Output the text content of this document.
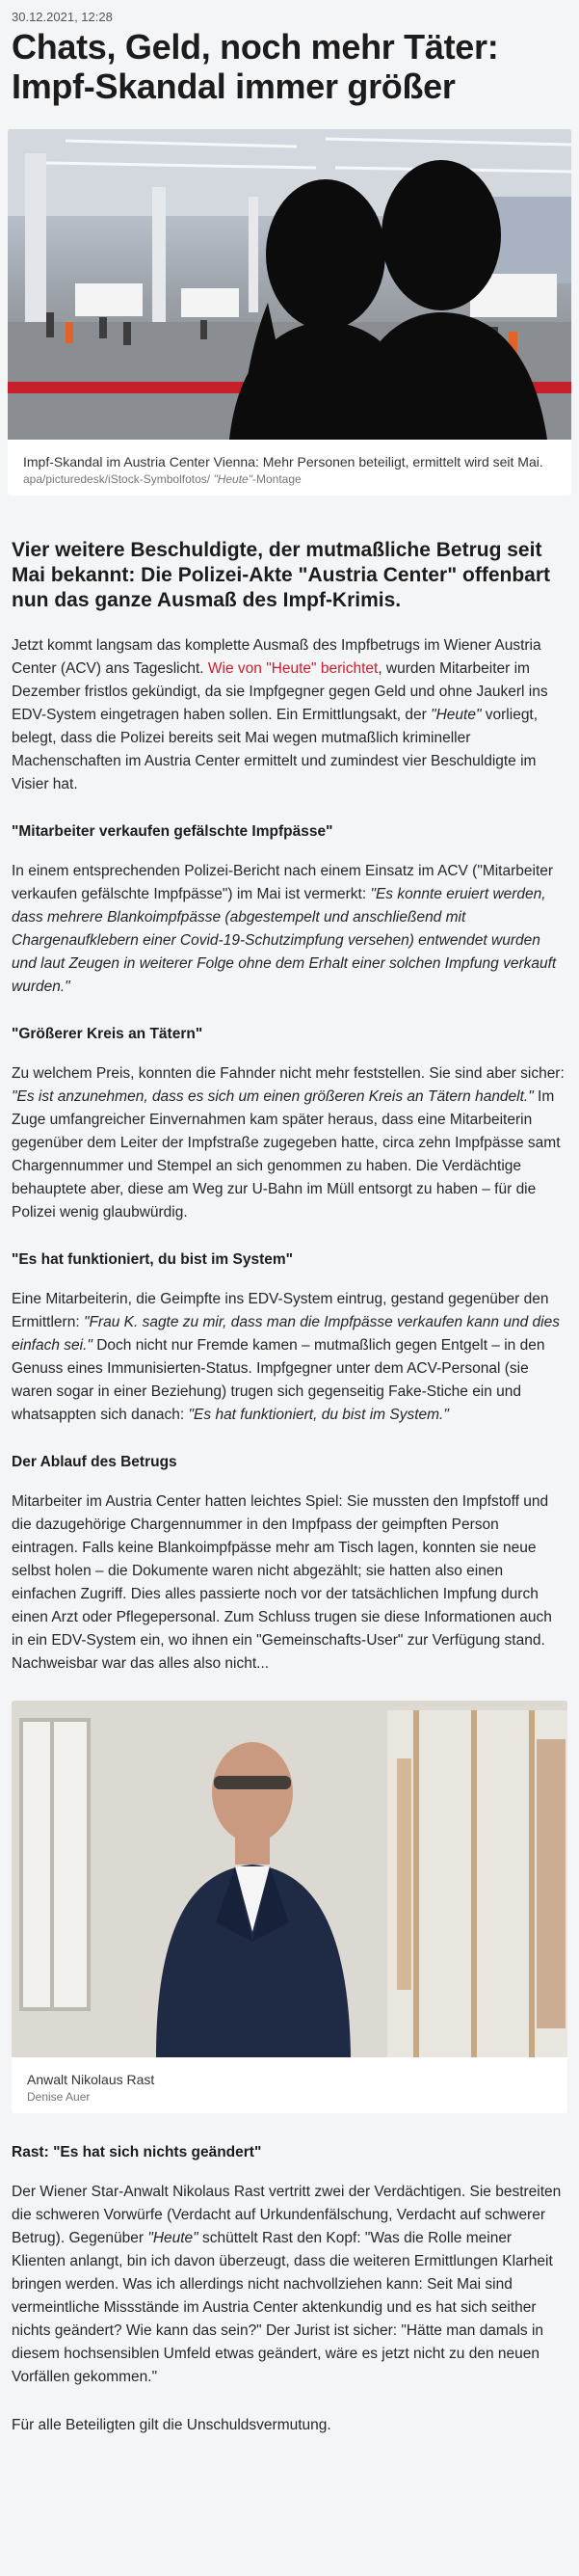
30.12.2021, 12:28
Chats, Geld, noch mehr Täter: Impf-Skandal immer größer
Impf-Skandal im Austria Center Vienna: Mehr Personen beteiligt, ermittelt wird seit Mai.
apa/picturedesk/iStock-Symbolfotos/ "Heute"-Montage
Vier weitere Beschuldigte, der mutmaßliche Betrug seit Mai bekannt: Die Polizei-Akte "Austria Center" offenbart nun das ganze Ausmaß des Impf-Krimis.

Jetzt kommt langsam das komplette Ausmaß des Impfbetrugs im Wiener Austria Center (ACV) ans Tageslicht. Wie von "Heute" berichtet, wurden Mitarbeiter im Dezember fristlos gekündigt, da sie Impfgegner gegen Geld und ohne Jaukerl ins EDV-System eingetragen haben sollen. Ein Ermittlungsakt, der "Heute" vorliegt, belegt, dass die Polizei bereits seit Mai wegen mutmaßlich krimineller Machenschaften im Austria Center ermittelt und zumindest vier Beschuldigte im Visier hat.

"Mitarbeiter verkaufen gefälschte Impfpässe"

In einem entsprechenden Polizei-Bericht nach einem Einsatz im ACV ("Mitarbeiter verkaufen gefälschte Impfpässe") im Mai ist vermerkt: "Es konnte eruiert werden, dass mehrere Blankoimpfpässe (abgestempelt und anschließend mit Chargenaufklebern einer Covid-19-Schutzimpfung versehen) entwendet wurden und laut Zeugen in weiterer Folge ohne dem Erhalt einer solchen Impfung verkauft wurden."

"Größerer Kreis an Tätern"

Zu welchem Preis, konnten die Fahnder nicht mehr feststellen. Sie sind aber sicher: "Es ist anzunehmen, dass es sich um einen größeren Kreis an Tätern handelt." Im Zuge umfangreicher Einvernahmen kam später heraus, dass eine Mitarbeiterin gegenüber dem Leiter der Impfstraße zugegeben hatte, circa zehn Impfpässe samt Chargennummer und Stempel an sich genommen zu haben. Die Verdächtige behauptete aber, diese am Weg zur U-Bahn im Müll entsorgt zu haben – für die Polizei wenig glaubwürdig.

"Es hat funktioniert, du bist im System"

Eine Mitarbeiterin, die Geimpfte ins EDV-System eintrug, gestand gegenüber den Ermittlern: "Frau K. sagte zu mir, dass man die Impfpässe verkaufen kann und dies einfach sei." Doch nicht nur Fremde kamen – mutmaßlich gegen Entgelt – in den Genuss eines Immunisierten-Status. Impfgegner unter dem ACV-Personal (sie waren sogar in einer Beziehung) trugen sich gegenseitig Fake-Stiche ein und whatsappten sich danach: "Es hat funktioniert, du bist im System."

Der Ablauf des Betrugs

Mitarbeiter im Austria Center hatten leichtes Spiel: Sie mussten den Impfstoff und die dazugehörige Chargennummer in den Impfpass der geimpften Person eintragen. Falls keine Blankoimpfpässe mehr am Tisch lagen, konnten sie neue selbst holen – die Dokumente waren nicht abgezählt; sie hatten also einen einfachen Zugriff. Dies alles passierte noch vor der tatsächlichen Impfung durch einen Arzt oder Pflegepersonal. Zum Schluss trugen sie diese Informationen auch in ein EDV-System ein, wo ihnen ein "Gemeinschafts-User" zur Verfügung stand. Nachweisbar war das alles also nicht...

Anwalt Nikolaus Rast
Denise Auer
Rast: "Es hat sich nichts geändert"

Der Wiener Star-Anwalt Nikolaus Rast vertritt zwei der Verdächtigen. Sie bestreiten die schweren Vorwürfe (Verdacht auf Urkundenfälschung, Verdacht auf schwerer Betrug). Gegenüber "Heute" schüttelt Rast den Kopf: "Was die Rolle meiner Klienten anlangt, bin ich davon überzeugt, dass die weiteren Ermittlungen Klarheit bringen werden. Was ich allerdings nicht nachvollziehen kann: Seit Mai sind vermeintliche Missstände im Austria Center aktenkundig und es hat sich seither nichts geändert? Wie kann das sein?" Der Jurist ist sicher: "Hätte man damals in diesem hochsensiblen Umfeld etwas geändert, wäre es jetzt nicht zu den neuen Vorfällen gekommen."

Für alle Beteiligten gilt die Unschuldsvermutung.
